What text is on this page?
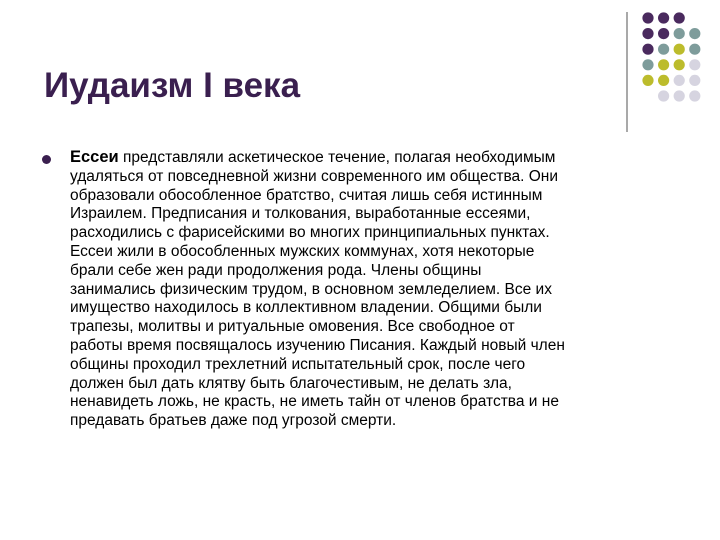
Иудаизм I века

Ессеи представляли аскетическое течение, полагая необходимым
удаляться от повседневной жизни современного им общества. Они
образовали обособленное братство, считая лишь себя истинным
Израилем. Предписания и толкования, выработанные ессеями,
расходились с фарисейскими во многих принципиальных пунктах.
Ессеи жили в обособленных мужских коммунах, хотя некоторые
брали себе жен ради продолжения рода. Члены общины
занимались физическим трудом, в основном земледелием. Все их
имущество находилось в коллективном владении. Общими были
трапезы, молитвы и ритуальные омовения. Все свободное от
работы время посвящалось изучению Писания. Каждый новый член
общины проходил трехлетний испытательный срок, после чего
должен был дать клятву быть благочестивым, не делать зла,
ненавидеть ложь, не красть, не иметь тайн от членов братства и не
предавать братьев даже под угрозой смерти.
